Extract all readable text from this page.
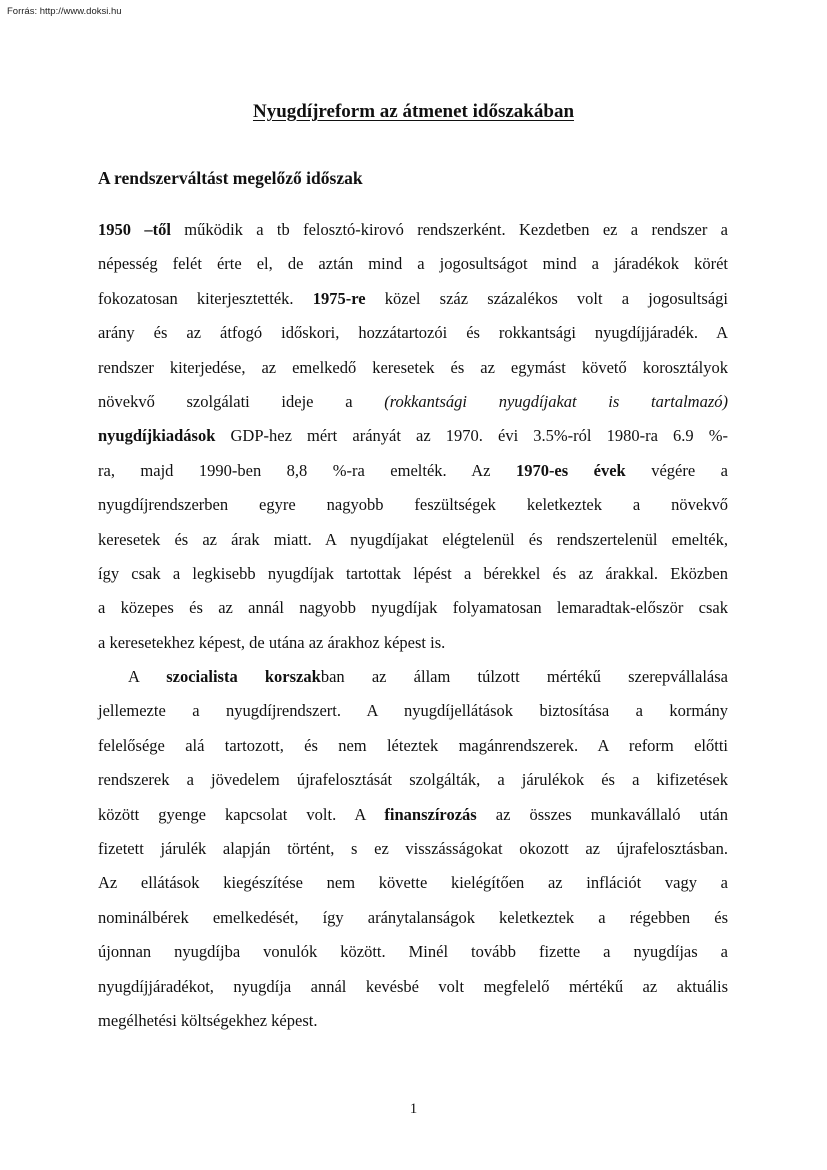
Forrás: http://www.doksi.hu
Nyugdíjreform az átmenet időszakában
A rendszerváltást megelőző időszak
1950 –től működik a tb felosztó-kirovó rendszerként. Kezdetben ez a rendszer a
népesség felét érte el, de aztán mind a jogosultságot mind a járadékok körét
fokozatosan kiterjesztették. 1975-re közel száz százalékos volt a jogosultsági
arány és az átfogó időskori, hozzátartozói és rokkantsági nyugdíjjáradék. A
rendszer kiterjedése, az emelkedő keresetek és az egymást követő korosztályok
növekvő szolgálati ideje a (rokkantsági nyugdíjakat is tartalmazó)
nyugdíjkiadások GDP-hez mért arányát az 1970. évi 3.5%-ról 1980-ra 6.9 %-
ra, majd 1990-ben 8,8 %-ra emelték. Az 1970-es évek végére a
nyugdíjrendszerben egyre nagyobb feszültségek keletkeztek a növekvő
keresetek és az árak miatt. A nyugdíjakat elégtelenül és rendszertelenül emelték,
így csak a legkisebb nyugdíjak tartottak lépést a bérekkel és az árakkal. Eközben
a közepes és az annál nagyobb nyugdíjak folyamatosan lemaradtak-először csak
a keresetekhez képest, de utána az árakhoz képest is.
A szocialista korszakban az állam túlzott mértékű szerepvállalása
jellemezte a nyugdíjrendszert. A nyugdíjellátások biztosítása a kormány
felelősége alá tartozott, és nem léteztek magánrendszerek. A reform előtti
rendszerek a jövedelem újrafelosztását szolgálták, a járulékok és a kifizetések
között gyenge kapcsolat volt. A finanszírozás az összes munkavállaló után
fizetett járulék alapján történt, s ez visszásságokat okozott az újrafelosztásban.
Az ellátások kiegészítése nem követte kielégítően az inflációt vagy a
nominálbérek emelkedését, így aránytalanságok keletkeztek a régebben és
újonnan nyugdíjba vonulók között. Minél tovább fizette a nyugdíjas a
nyugdíjjáradékot, nyugdíja annál kevésbé volt megfelelő mértékű az aktuális
megélhetési költségekhez képest.
1
